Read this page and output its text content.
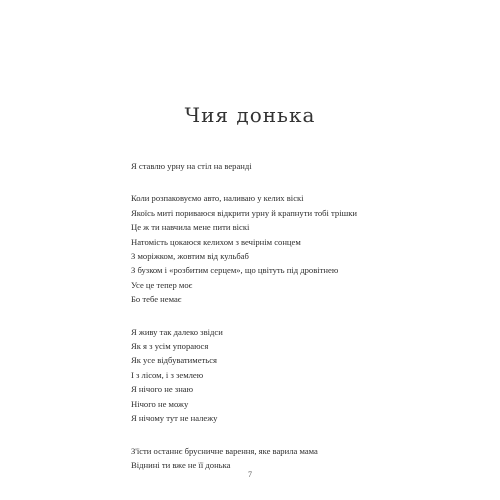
Чия донька
Я ставлю урну на стіл на веранді
Коли розпаковуємо авто, наливаю у келих віскі
Якоїсь миті пориваюся відкрити урну й крапнути тобі трішки
Це ж ти навчила мене пити віскі
Натомість цокаюся келихом з вечірнім сонцем
З моріжком, жовтим від кульбаб
З бузком і «розбитим серцем», що цвітуть під дровітнею
Усе це тепер моє
Бо тебе немає
Я живу так далеко звідси
Як я з усім упораюся
Як усе відбуватиметься
І з лісом, і з землею
Я нічого не знаю
Нічого не можу
Я нічому тут не належу
З'їсти останнє брусничне варення, яке варила мама
Віднині ти вже не її донька
7
